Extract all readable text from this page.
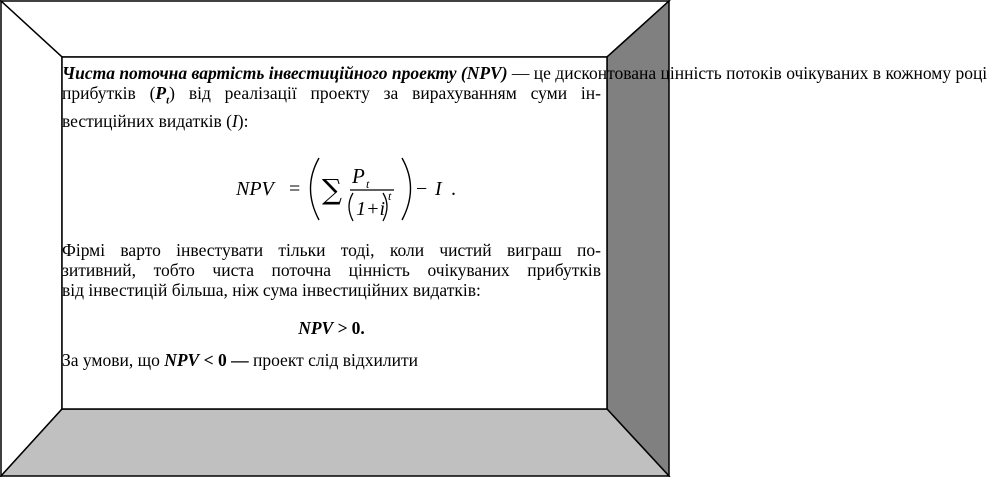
Чиста поточна вартість інвестиційного проекту (NPV) — це дисконтована цінність потоків очікуваних в кожному році
прибутків $(P_t)$ від реалізації проекту за вирахуванням суми ін-
вестиційних видатків (I):
NPV = ∑ P t
1+i
t − I .
Фірмі варто інвестувати тільки тоді, коли чистий виграш по-
зитивний, тобто чиста поточна цінність очікуваних прибутків
від інвестицій більша, ніж сума інвестиційних видатків:
NPV > 0.
За умови, що NPV < 0 — проект слід відхилити
